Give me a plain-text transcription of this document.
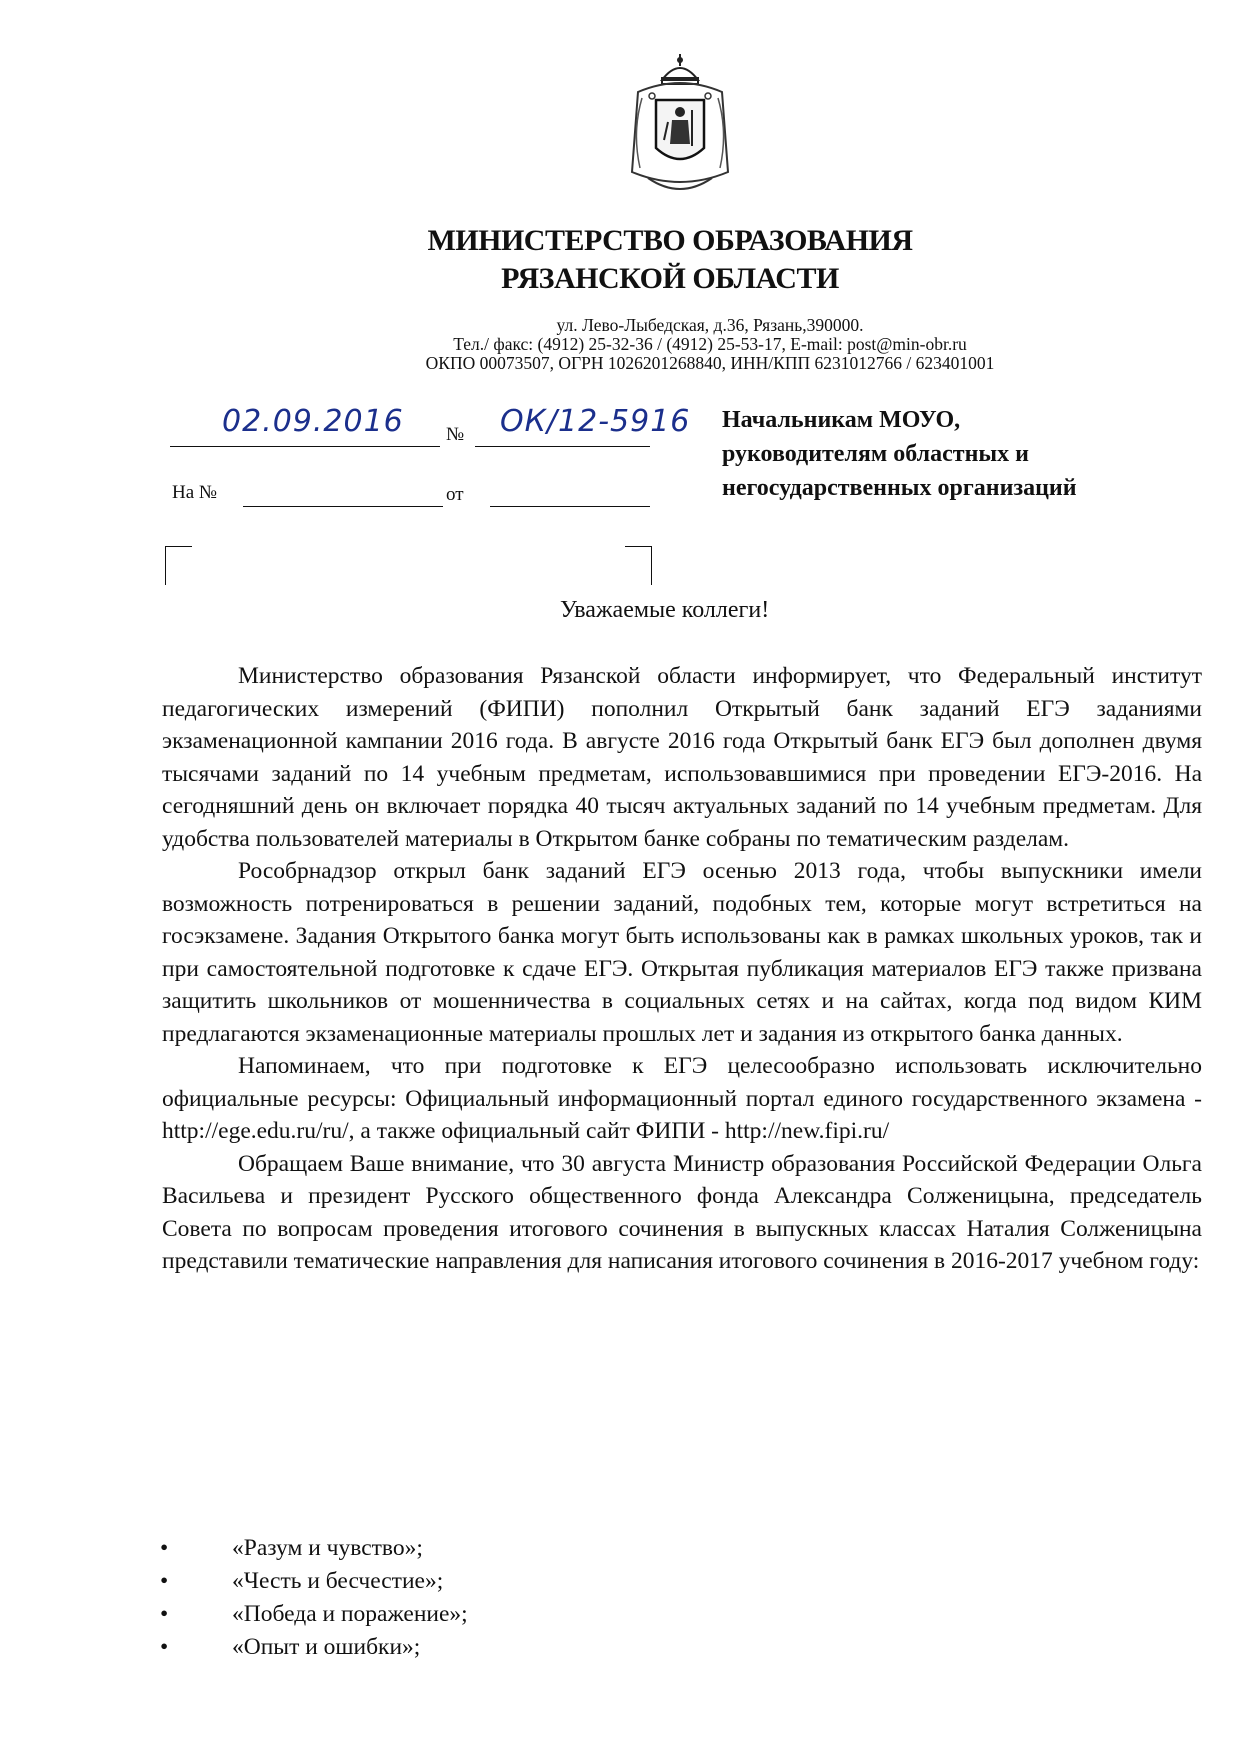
МИНИСТЕРСТВО ОБРАЗОВАНИЯ
РЯЗАНСКОЙ ОБЛАСТИ
ул. Лево-Лыбедская, д.36, Рязань,390000.
Тел./ факс: (4912) 25-32-36 / (4912) 25-53-17, E-mail: post@min-obr.ru
ОКПО 00073507, ОГРН 1026201268840, ИНН/КПП 6231012766 / 623401001
02.09.2016 № ОК/12-5916
На №	от
Начальникам МОУО,
руководителям областных и
негосударственных организаций
Уважаемые коллеги!

Министерство образования Рязанской области информирует, что Федеральный институт педагогических измерений (ФИПИ) пополнил Открытый банк заданий ЕГЭ заданиями экзаменационной кампании 2016 года. В августе 2016 года Открытый банк ЕГЭ был дополнен двумя тысячами заданий по 14 учебным предметам, использовавшимися при проведении ЕГЭ-2016. На сегодняшний день он включает порядка 40 тысяч актуальных заданий по 14 учебным предметам. Для удобства пользователей материалы в Открытом банке собраны по тематическим разделам.

Рособрнадзор открыл банк заданий ЕГЭ осенью 2013 года, чтобы выпускники имели возможность потренироваться в решении заданий, подобных тем, которые могут встретиться на госэкзамене. Задания Открытого банка могут быть использованы как в рамках школьных уроков, так и при самостоятельной подготовке к сдаче ЕГЭ. Открытая публикация материалов ЕГЭ также призвана защитить школьников от мошенничества в социальных сетях и на сайтах, когда под видом КИМ предлагаются экзаменационные материалы прошлых лет и задания из открытого банка данных.

Напоминаем, что при подготовке к ЕГЭ целесообразно использовать исключительно официальные ресурсы: Официальный информационный портал единого государственного экзамена - http://ege.edu.ru/ru/, а также официальный сайт ФИПИ - http://new.fipi.ru/

Обращаем Ваше внимание, что 30 августа Министр образования Российской Федерации Ольга Васильева и президент Русского общественного фонда Александра Солженицына, председатель Совета по вопросам проведения итогового сочинения в выпускных классах Наталия Солженицына представили тематические направления для написания итогового сочинения в 2016-2017 учебном году:

• «Разум и чувство»;
• «Честь и бесчестие»;
• «Победа и поражение»;
• «Опыт и ошибки»;
